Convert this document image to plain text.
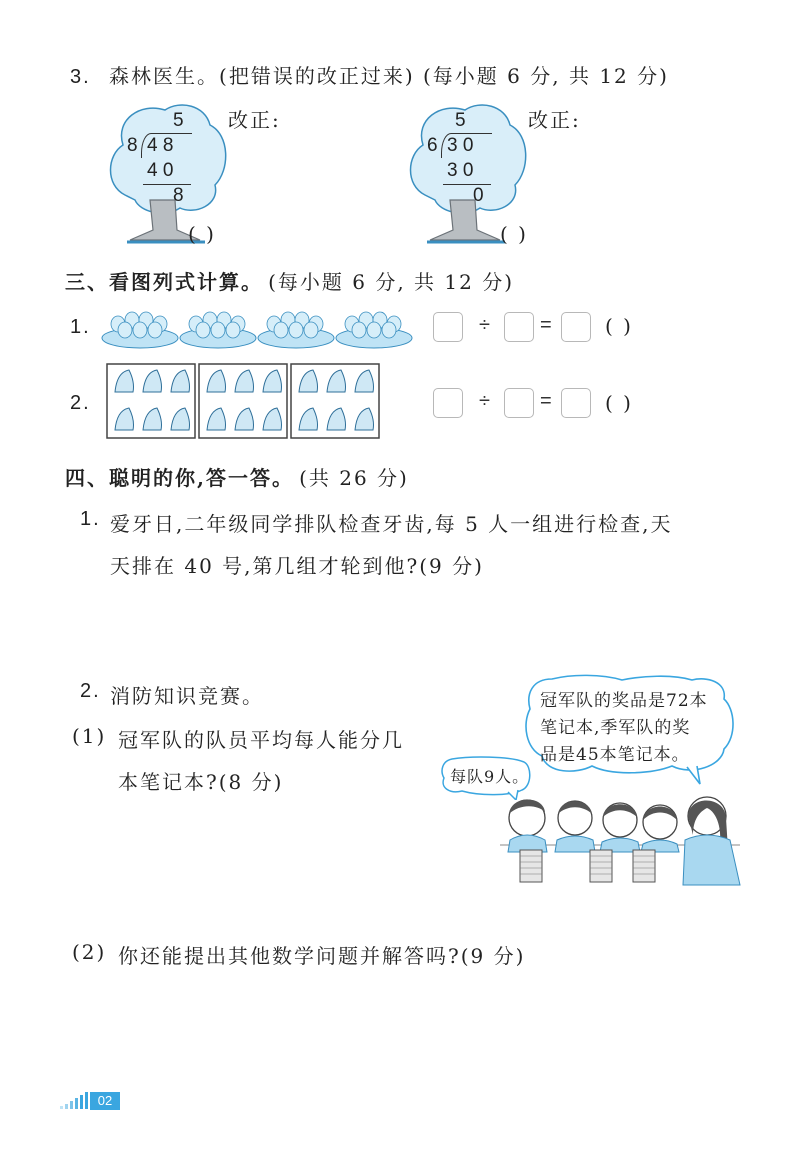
3. 森林医生。(把错误的改正过来) (每小题 6 分, 共 12 分)
5
8 4 8
4 0
8
改正:
( )
5
6 3 0
3 0
0
改正:
( )
三、看图列式计算。 (每小题 6 分, 共 12 分)
1.	÷	=	( )
2.	÷	=	( )
四、聪明的你,答一答。 (共 26 分)
1. 爱牙日,二年级同学排队检查牙齿,每 5 人一组进行检查,天
天排在 40 号,第几组才轮到他?(9 分)
2. 消防知识竞赛。
(1) 冠军队的队员平均每人能分几
本笔记本?(8 分)
冠军队的奖品是72本
笔记本,季军队的奖
品是45本笔记本。
每队9人。
(2) 你还能提出其他数学问题并解答吗?(9 分)
02
